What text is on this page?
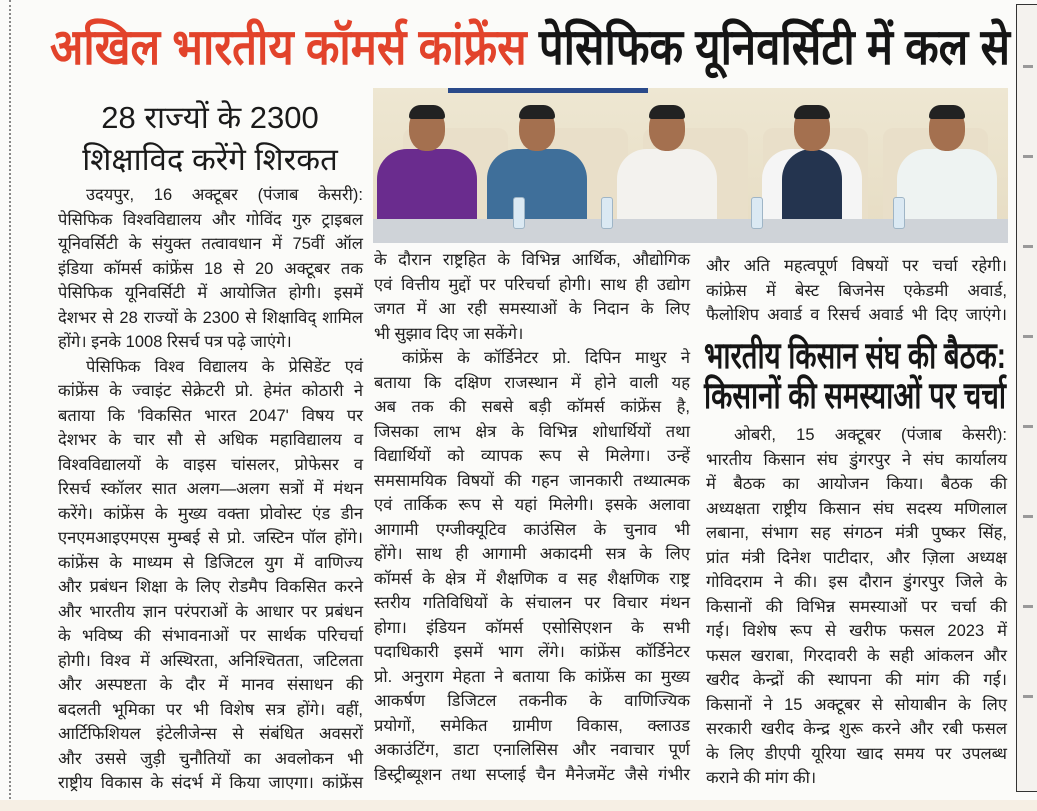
अखिल भारतीय कॉमर्स कांफ्रेंस पेसिफिक यूनिवर्सिटी में कल से
28 राज्यों के 2300
शिक्षाविद करेंगे शिरकत
उदयपुर, 16 अक्टूबर (पंजाब केसरी):
पेसिफिक विश्वविद्यालय और गोविंद गुरु ट्राइबल
यूनिवर्सिटी के संयुक्त तत्वावधान में 75वीं ऑल
इंडिया कॉमर्स कांफ्रेंस 18 से 20 अक्टूबर तक
पेसिफिक यूनिवर्सिटी में आयोजित होगी। इसमें
देशभर से 28 राज्यों के 2300 से शिक्षाविद् शामिल
होंगे। इनके 1008 रिसर्च पत्र पढ़े जाएंगे।
पेसिफिक विश्व विद्यालय के प्रेसिडेंट एवं
कांफ्रेंस के ज्वाइंट सेक्रेटरी प्रो. हेमंत कोठारी ने
बताया कि 'विकसित भारत 2047' विषय पर
देशभर के चार सौ से अधिक महाविद्यालय व
विश्वविद्यालयों के वाइस चांसलर, प्रोफेसर व
रिसर्च स्कॉलर सात अलग—अलग सत्रों में मंथन
करेंगे। कांफ्रेंस के मुख्य वक्ता प्रोवोस्ट एंड डीन
एनएमआइएमएस मुम्बई से प्रो. जस्टिन पॉल होंगे।
कांफ्रेंस के माध्यम से डिजिटल युग में वाणिज्य
और प्रबंधन शिक्षा के लिए रोडमैप विकसित करने
और भारतीय ज्ञान परंपराओं के आधार पर प्रबंधन
के भविष्य की संभावनाओं पर सार्थक परिचर्चा
होगी। विश्व में अस्थिरता, अनिश्चितता, जटिलता
और अस्पष्टता के दौर में मानव संसाधन की
बदलती भूमिका पर भी विशेष सत्र होंगे। वहीं,
आर्टिफिशियल इंटेलीजेन्स से संबंधित अवसरों
और उससे जुड़ी चुनौतियों का अवलोकन भी
राष्ट्रीय विकास के संदर्भ में किया जाएगा। कांफ्रेंस
के दौरान राष्ट्रहित के विभिन्न आर्थिक, औद्योगिक
एवं वित्तीय मुद्दों पर परिचर्चा होगी। साथ ही उद्योग
जगत में आ रही समस्याओं के निदान के लिए
भी सुझाव दिए जा सकेंगे।
कांफ्रेंस के कॉर्डिनेटर प्रो. दिपिन माथुर ने
बताया कि दक्षिण राजस्थान में होने वाली यह
अब तक की सबसे बड़ी कॉमर्स कांफ्रेंस है,
जिसका लाभ क्षेत्र के विभिन्न शोधार्थियों तथा
विद्यार्थियों को व्यापक रूप से मिलेगा। उन्हें
समसामयिक विषयों की गहन जानकारी तथ्यात्मक
एवं तार्किक रूप से यहां मिलेगी। इसके अलावा
आगामी एग्जीक्यूटिव काउंसिल के चुनाव भी
होंगे। साथ ही आगामी अकादमी सत्र के लिए
कॉमर्स के क्षेत्र में शैक्षणिक व सह शैक्षणिक राष्ट्र
स्तरीय गतिविधियों के संचालन पर विचार मंथन
होगा। इंडियन कॉमर्स एसोसिएशन के सभी
पदाधिकारी इसमें भाग लेंगे। कांफ्रेंस कॉर्डिनेटर
प्रो. अनुराग मेहता ने बताया कि कांफ्रेंस का मुख्य
आकर्षण डिजिटल तकनीक के वाणिज्यिक
प्रयोगों, समेकित ग्रामीण विकास, क्लाउड
अकाउंटिंग, डाटा एनालिसिस और नवाचार पूर्ण
डिस्ट्रीब्यूशन तथा सप्लाई चैन मैनेजमेंट जैसे गंभीर
और अति महत्वपूर्ण विषयों पर चर्चा रहेगी।
कांफ्रेस में बेस्ट बिजनेस एकेडमी अवार्ड,
फैलोशिप अवार्ड व रिसर्च अवार्ड भी दिए जाएंगे।
भारतीय किसान संघ की बैठक:
किसानों की समस्याओं पर चर्चा
ओबरी, 15 अक्टूबर (पंजाब केसरी):
भारतीय किसान संघ डुंगरपुर ने संघ कार्यालय
में बैठक का आयोजन किया। बैठक की
अध्यक्षता राष्ट्रीय किसान संघ सदस्य मणिलाल
लबाना, संभाग सह संगठन मंत्री पुष्कर सिंह,
प्रांत मंत्री दिनेश पाटीदार, और ज़िला अध्यक्ष
गोविदराम ने की। इस दौरान डुंगरपुर जिले के
किसानों की विभिन्न समस्याओं पर चर्चा की
गई। विशेष रूप से खरीफ फसल 2023 में
फसल खराबा, गिरदावरी के सही आंकलन और
खरीद केन्द्रों की स्थापना की मांग की गई।
किसानों ने 15 अक्टूबर से सोयाबीन के लिए
सरकारी खरीद केन्द्र शुरू करने और रबी फसल
के लिए डीएपी यूरिया खाद समय पर उपलब्ध
कराने की मांग की।
